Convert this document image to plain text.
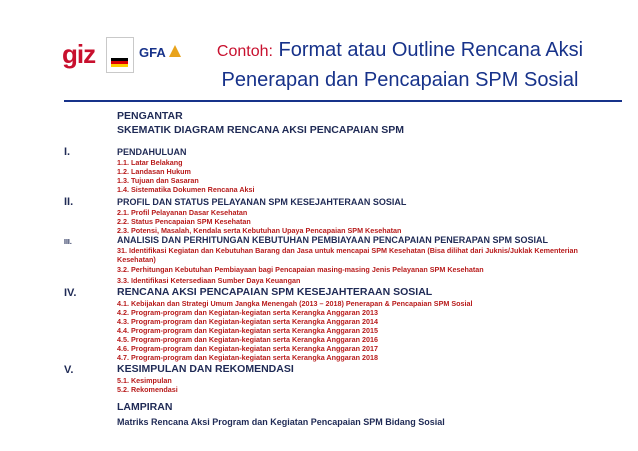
giz	GFA	Contoh: Format atau Outline Rencana Aksi
Penerapan dan Pencapaian SPM Sosial
PENGANTAR
SKEMATIK DIAGRAM RENCANA AKSI PENCAPAIAN SPM
I.	PENDAHULUAN
1.1. Latar Belakang
1.2. Landasan Hukum
1.3. Tujuan dan Sasaran
1.4. Sistematika Dokumen Rencana Aksi
II.	PROFIL DAN STATUS PELAYANAN SPM KESEJAHTERAAN SOSIAL
2.1. Profil Pelayanan Dasar Kesehatan
2.2. Status Pencapaian SPM Kesehatan
2.3. Potensi, Masalah, Kendala serta Kebutuhan Upaya Pencapaian SPM Kesehatan
III.	ANALISIS DAN PERHITUNGAN KEBUTUHAN PEMBIAYAAN PENCAPAIAN PENERAPAN SPM SOSIAL
31. Identifikasi Kegiatan dan Kebutuhan Barang dan Jasa untuk mencapai SPM Kesehatan (Bisa dilihat dari Juknis/Juklak Kementerian Kesehatan)
3.2. Perhitungan Kebutuhan Pembiayaan bagi Pencapaian masing-masing Jenis Pelayanan SPM Kesehatan
3.3. Identifikasi Ketersediaan Sumber Daya Keuangan
IV.	RENCANA AKSI PENCAPAIAN SPM KESEJAHTERAAN SOSIAL
4.1. Kebijakan dan Strategi Umum Jangka Menengah (2013 – 2018) Penerapan & Pencapaian SPM Sosial
4.2. Program-program dan Kegiatan-kegiatan serta Kerangka Anggaran 2013
4.3. Program-program dan Kegiatan-kegiatan serta Kerangka Anggaran 2014
4.4. Program-program dan Kegiatan-kegiatan serta Kerangka Anggaran 2015
4.5. Program-program dan Kegiatan-kegiatan serta Kerangka Anggaran 2016
4.6. Program-program dan Kegiatan-kegiatan serta Kerangka Anggaran 2017
4.7. Program-program dan Kegiatan-kegiatan serta Kerangka Anggaran 2018
V.	KESIMPULAN DAN REKOMENDASI
5.1. Kesimpulan
5.2. Rekomendasi
LAMPIRAN
Matriks Rencana Aksi Program dan Kegiatan Pencapaian SPM Bidang Sosial
